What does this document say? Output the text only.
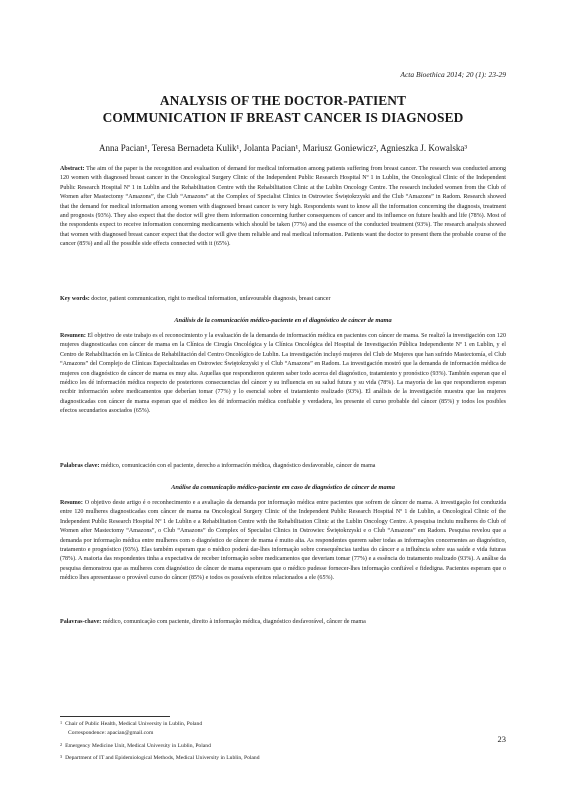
Acta Bioethica 2014; 20 (1): 23-29
ANALYSIS OF THE DOCTOR-PATIENT
COMMUNICATION IF BREAST CANCER IS DIAGNOSED
Anna Pacian¹, Teresa Bernadeta Kulik¹, Jolanta Pacian¹, Mariusz Goniewicz², Agnieszka J. Kowalska³

Abstract: The aim of the paper is the recognition and evaluation of demand for medical information among patients suffering from breast cancer. The research was conducted among 120 women with diagnosed breast cancer in the Oncological Surgery Clinic of the Independent Public Research Hospital Nº 1 in Lublin, the Oncological Clinic of the Independent Public Research Hospital Nº 1 in Lublin and the Rehabilitation Centre with the Rehabilitation Clinic at the Lublin Oncology Centre. The research included women from the Club of Women after Mastectomy “Amazons”, the Club “Amazons” at the Complex of Specialist Clinics in Ostrowiec Świętokrzyski and the Club “Amazons” in Radom. Research showed that the demand for medical information among women with diagnosed breast cancer is very high. Respondents want to know all the information concerning the diagnosis, treatment and prognosis (93%). They also expect that the doctor will give them information concerning further consequences of cancer and its influence on future health and life (78%). Most of the respondents expect to receive information concerning medicaments which should be taken (77%) and the essence of the conducted treatment (93%). The research analysis showed that women with diagnosed breast cancer expect that the doctor will give them reliable and real medical information. Patients want the doctor to present them the probable course of the cancer (85%) and all the possible side effects connected with it (65%).

Key words: doctor, patient communication, right to medical information, unfavourable diagnosis, breast cancer

Análisis de la comunicación médico-paciente en el diagnóstico de cáncer de mama

Resumen: El objetivo de este trabajo es el reconocimiento y la evaluación de la demanda de información médica en pacientes con cáncer de mama. Se realizó la investigación con 120 mujeres diagnosticadas con cáncer de mama en la Clínica de Cirugía Oncológica y la Clínica Oncológica del Hospital de Investigación Pública Independiente Nº 1 en Lublin, y el Centro de Rehabilitación en la Clínica de Rehabilitación del Centro Oncológico de Lublin. La investigación incluyó mujeres del Club de Mujeres que han sufrido Mastectomía, el Club “Amazons” del Complejo de Clínicas Especializadas en Ostrowiec Świętokrzyski y el Club “Amazons” en Radom. La investigación mostró que la demanda de información médica de mujeres con diagnóstico de cáncer de mama es muy alta. Aquellas que respondieron quieren saber todo acerca del diagnóstico, tratamiento y pronóstico (93%). También esperan que el médico les dé información médica respecto de posteriores consecuencias del cáncer y su influencia en su salud futura y su vida (78%). La mayoría de las que respondieron esperan recibir información sobre medicamentos que deberían tomar (77%) y lo esencial sobre el tratamiento realizado (93%). El análisis de la investigación muestra que las mujeres diagnosticadas con cáncer de mama esperan que el médico les dé información médica confiable y verdadera, les presente el curso probable del cáncer (85%) y todos los posibles efectos secundarios asociados (65%).

Palabras clave: médico, comunicación con el paciente, derecho a información médica, diagnóstico desfavorable, cáncer de mama

Análise da comunicação médico-paciente em caso de diagnóstico de câncer de mama

Resumo: O objetivo deste artigo é o reconhecimento e a avaliação da demanda por informação médica entre pacientes que sofrem de câncer de mama. A investigação foi conduzida entre 120 mulheres diagnosticadas com câncer de mama na Oncological Surgery Clinic of the Independent Public Research Hospital Nº 1 de Lublin, a Oncological Clinic of the Independent Public Research Hospital Nº 1 de Lublin e a Rehabilitation Centre with the Rehabilitation Clinic at the Lublin Oncology Centre. A pesquisa incluiu mulheres do Club of Women after Mastectomy “Amazons”, o Club “Amazons” do Complex of Specialist Clinics in Ostrowiec Świętokrzyski e o Club “Amazons” em Radom. Pesquisa revelou que a demanda por informação médica entre mulheres com o diagnóstico de câncer de mama é muito alta. As respondentes querem saber todas as informações concernentes ao diagnóstico, tratamento e prognóstico (93%). Elas também esperam que o médico poderá dar-lhes informação sobre consequências tardias do câncer e a influência sobre sua saúde e vida futuras (78%). A maioria das respondentes tinha a expectativa de receber informação sobre medicamentos que deveriam tomar (77%) e a essência do tratamento realizado (93%). A análise da pesquisa demonstrou que as mulheres com diagnóstico de câncer de mama esperavam que o médico pudesse fornecer-lhes informação confiável e fidedigna. Pacientes esperam que o médico lhes apresentasse o provável curso do câncer (85%) e todos os possíveis efeitos relacionados a ele (65%).

Palavras-chave: médico, comunicação com paciente, direito à informação médica, diagnóstico desfavorável, câncer de mama

$^1$ Chair of Public Health, Medical University in Lublin, Poland
Correspondence: apacian@gmail.com
$^2$ Emergency Medicine Unit, Medical University in Lublin, Poland
$^3$ Department of IT and Epidemiological Methods, Medical University in Lublin, Poland
23
